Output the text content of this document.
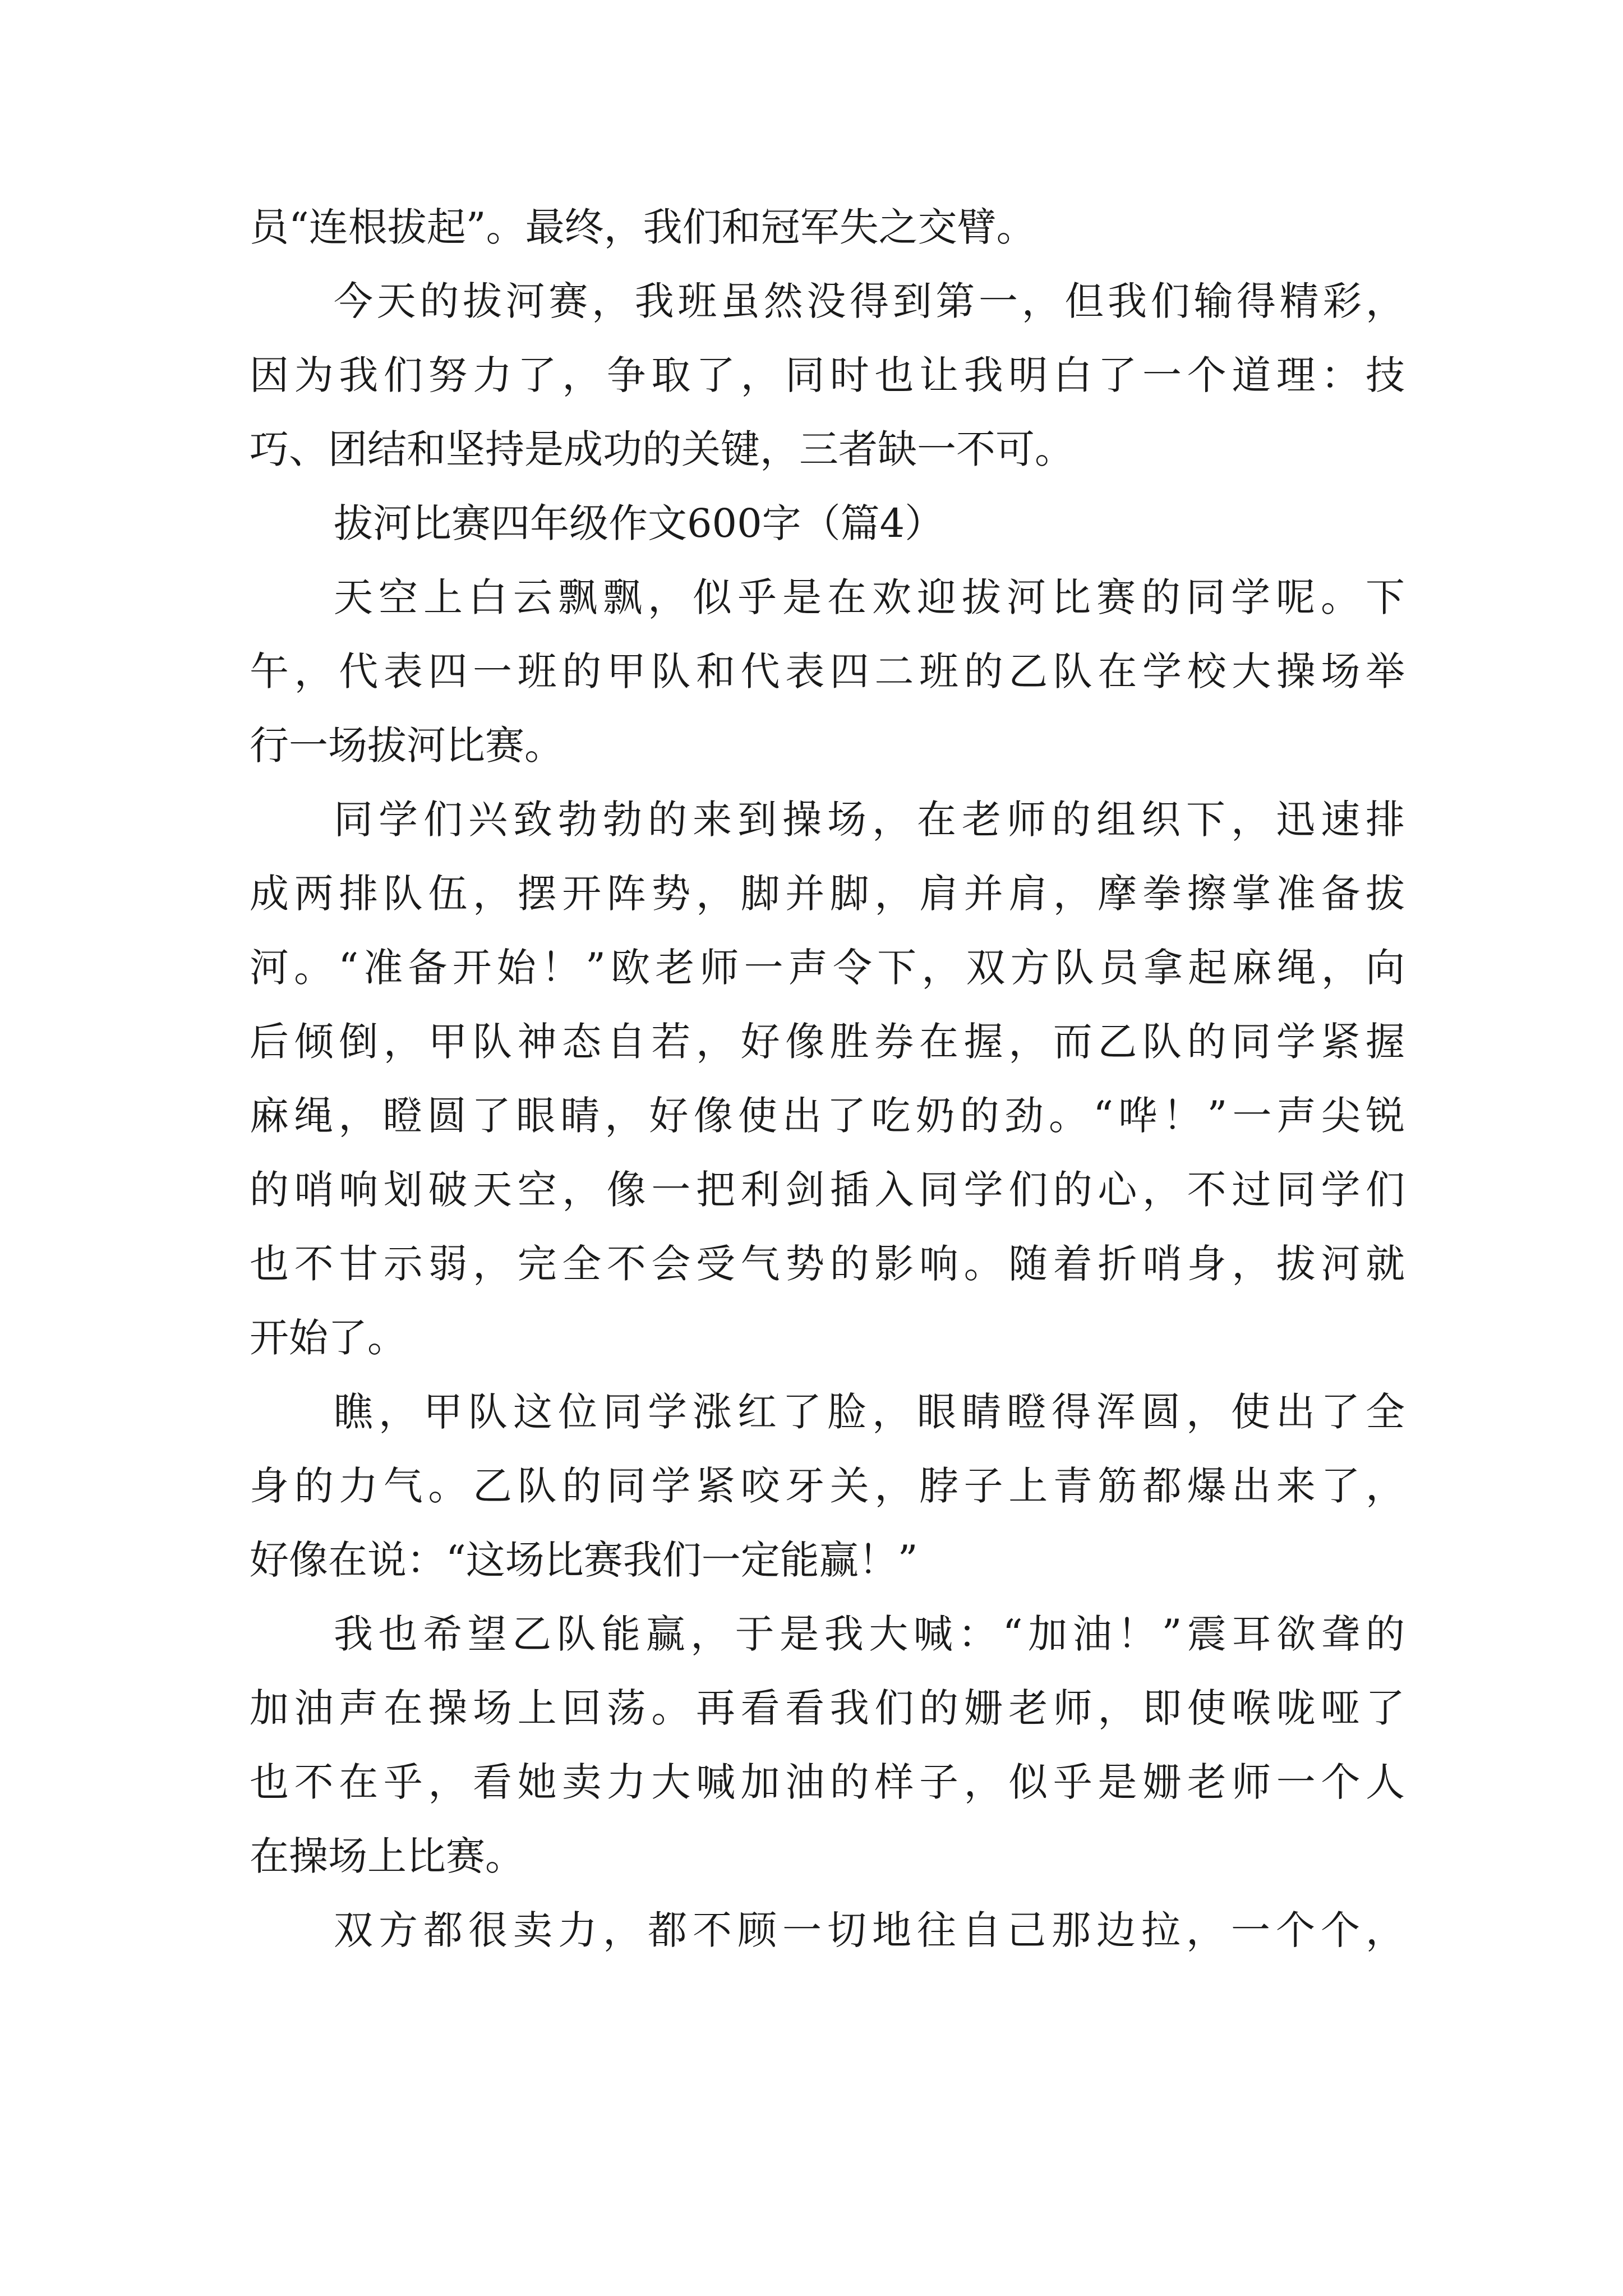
员“连根拔起”。最终，我们和冠军失之交臂。
今天的拔河赛，我班虽然没得到第一，但我们输得精彩，
因为我们努力了，争取了，同时也让我明白了一个道理：技
巧、团结和坚持是成功的关键，三者缺一不可。
拔河比赛四年级作文600字（篇4）
天空上白云飘飘，似乎是在欢迎拔河比赛的同学呢。下
午，代表四一班的甲队和代表四二班的乙队在学校大操场举
行一场拔河比赛。
同学们兴致勃勃的来到操场，在老师的组织下，迅速排
成两排队伍，摆开阵势，脚并脚，肩并肩，摩拳擦掌准备拔
河。“准备开始！”欧老师一声令下，双方队员拿起麻绳，向
后倾倒，甲队神态自若，好像胜券在握，而乙队的同学紧握
麻绳，瞪圆了眼睛，好像使出了吃奶的劲。“哗！”一声尖锐
的哨响划破天空，像一把利剑插入同学们的心，不过同学们
也不甘示弱，完全不会受气势的影响。随着折哨身，拔河就
开始了。
瞧，甲队这位同学涨红了脸，眼睛瞪得浑圆，使出了全
身的力气。乙队的同学紧咬牙关，脖子上青筋都爆出来了，
好像在说：“这场比赛我们一定能赢！”
我也希望乙队能赢，于是我大喊：“加油！”震耳欲聋的
加油声在操场上回荡。再看看我们的姗老师，即使喉咙哑了
也不在乎，看她卖力大喊加油的样子，似乎是姗老师一个人
在操场上比赛。
双方都很卖力，都不顾一切地往自己那边拉，一个个，
